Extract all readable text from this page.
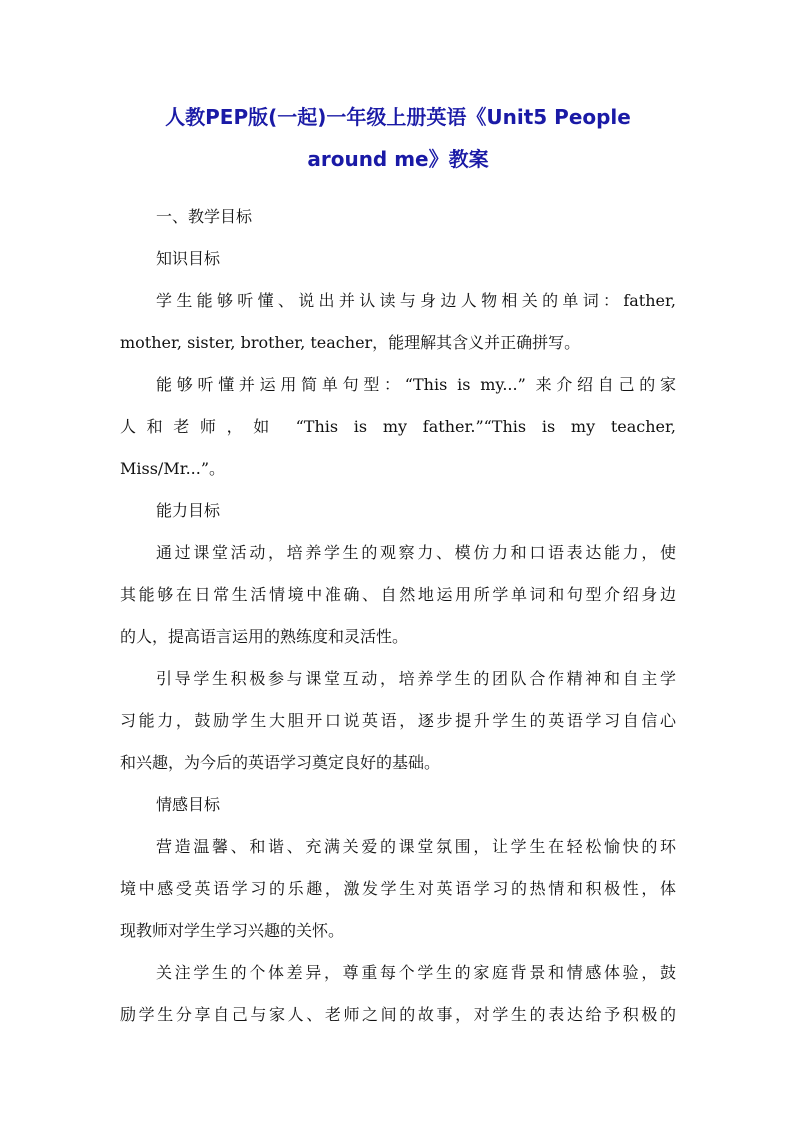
人教PEP版(一起)一年级上册英语《Unit5 People
around me》教案
一、教学目标
知识目标
学生能够听懂、说出并认读与身边人物相关的单词：father,
mother, sister, brother, teacher，能理解其含义并正确拼写。
能够听懂并运用简单句型：“This is my...” 来介绍自己的家
人和老师，如 “This is my father.”“This is my teacher,
Miss/Mr...”。
能力目标
通过课堂活动，培养学生的观察力、模仿力和口语表达能力，使
其能够在日常生活情境中准确、自然地运用所学单词和句型介绍身边
的人，提高语言运用的熟练度和灵活性。
引导学生积极参与课堂互动，培养学生的团队合作精神和自主学
习能力，鼓励学生大胆开口说英语，逐步提升学生的英语学习自信心
和兴趣，为今后的英语学习奠定良好的基础。
情感目标
营造温馨、和谐、充满关爱的课堂氛围，让学生在轻松愉快的环
境中感受英语学习的乐趣，激发学生对英语学习的热情和积极性，体
现教师对学生学习兴趣的关怀。
关注学生的个体差异，尊重每个学生的家庭背景和情感体验，鼓
励学生分享自己与家人、老师之间的故事，对学生的表达给予积极的
